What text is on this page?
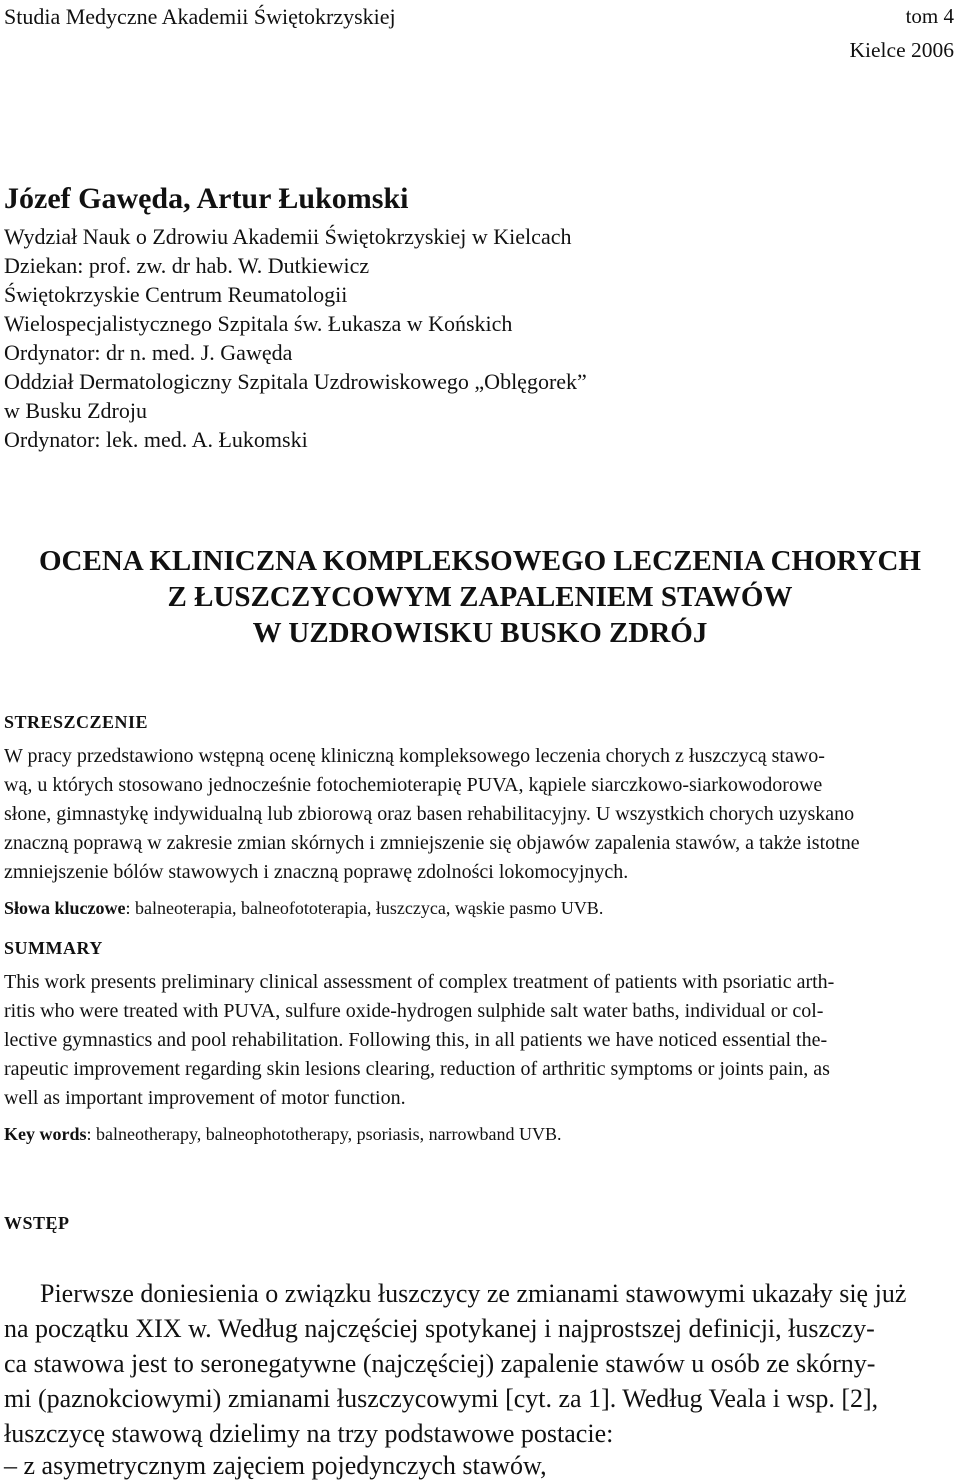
Studia Medyczne Akademii Świętokrzyskiej	tom 4
Kielce 2006
Józef Gawęda, Artur Łukomski
Wydział Nauk o Zdrowiu Akademii Świętokrzyskiej w Kielcach
Dziekan: prof. zw. dr hab. W. Dutkiewicz
Świętokrzyskie Centrum Reumatologii
Wielospecjalistycznego Szpitala św. Łukasza w Końskich
Ordynator: dr n. med. J. Gawęda
Oddział Dermatologiczny Szpitala Uzdrowiskowego „Oblęgorek”
w Busku Zdroju
Ordynator: lek. med. A. Łukomski
OCENA KLINICZNA KOMPLEKSOWEGO LECZENIA CHORYCH
Z ŁUSZCZYCOWYM ZAPALENIEM STAWÓW
W UZDROWISKU BUSKO ZDRÓJ
STRESZCZENIE
W pracy przedstawiono wstępną ocenę kliniczną kompleksowego leczenia chorych z łuszczycą stawo-
wą, u których stosowano jednocześnie fotochemioterapię PUVA, kąpiele siarczkowo-siarkowodorowe
słone, gimnastykę indywidualną lub zbiorową oraz basen rehabilitacyjny. U wszystkich chorych uzyskano
znaczną poprawą w zakresie zmian skórnych i zmniejszenie się objawów zapalenia stawów, a także istotne
zmniejszenie bólów stawowych i znaczną poprawę zdolności lokomocyjnych.
Słowa kluczowe: balneoterapia, balneofototerapia, łuszczyca, wąskie pasmo UVB.
SUMMARY
This work presents preliminary clinical assessment of complex treatment of patients with psoriatic arth-
ritis who were treated with PUVA, sulfure oxide-hydrogen sulphide salt water baths, individual or col-
lective gymnastics and pool rehabilitation. Following this, in all patients we have noticed essential the-
rapeutic improvement regarding skin lesions clearing, reduction of arthritic symptoms or joints pain, as
well as important improvement of motor function.
Key words: balneotherapy, balneophototherapy, psoriasis, narrowband UVB.
WSTĘP
Pierwsze doniesienia o związku łuszczycy ze zmianami stawowymi ukazały się już
na początku XIX w. Według najczęściej spotykanej i najprostszej definicji, łuszczy-
ca stawowa jest to seronegatywne (najczęściej) zapalenie stawów u osób ze skórny-
mi (paznokciowymi) zmianami łuszczycowymi [cyt. za 1]. Według Veala i wsp. [2],
łuszczycę stawową dzielimy na trzy podstawowe postacie:
– z asymetrycznym zajęciem pojedynczych stawów,
